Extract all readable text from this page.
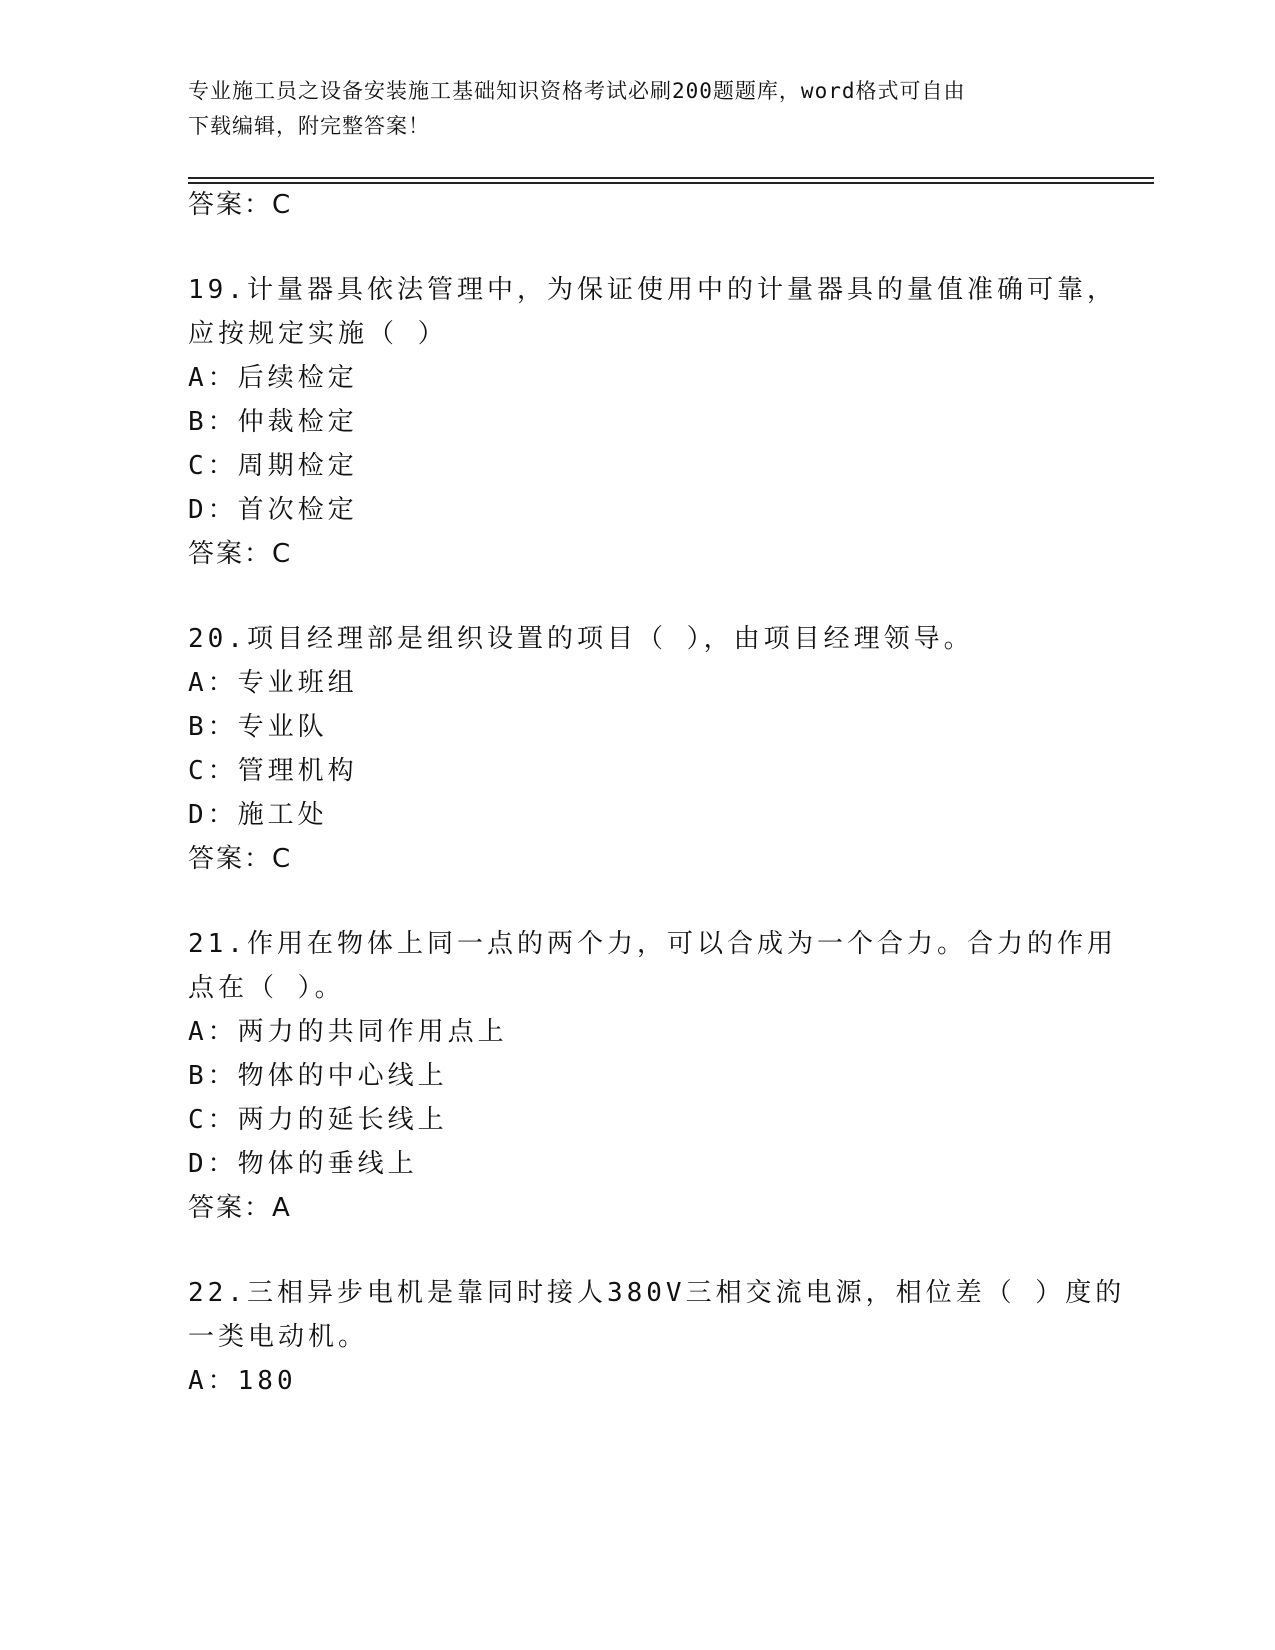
专业施工员之设备安装施工基础知识资格考试必刷200题题库，word格式可自由
下载编辑，附完整答案！
答案：C
19.计量器具依法管理中，为保证使用中的计量器具的量值准确可靠，
应按规定实施（ ）
A：后续检定
B：仲裁检定
C：周期检定
D：首次检定
答案：C
20.项目经理部是组织设置的项目（ ），由项目经理领导。
A：专业班组
B：专业队
C：管理机构
D：施工处
答案：C
21.作用在物体上同一点的两个力，可以合成为一个合力。合力的作用
点在（ ）。
A：两力的共同作用点上
B：物体的中心线上
C：两力的延长线上
D：物体的垂线上
答案：A
22.三相异步电机是靠同时接人380V三相交流电源，相位差（ ）度的
一类电动机。
A：180
